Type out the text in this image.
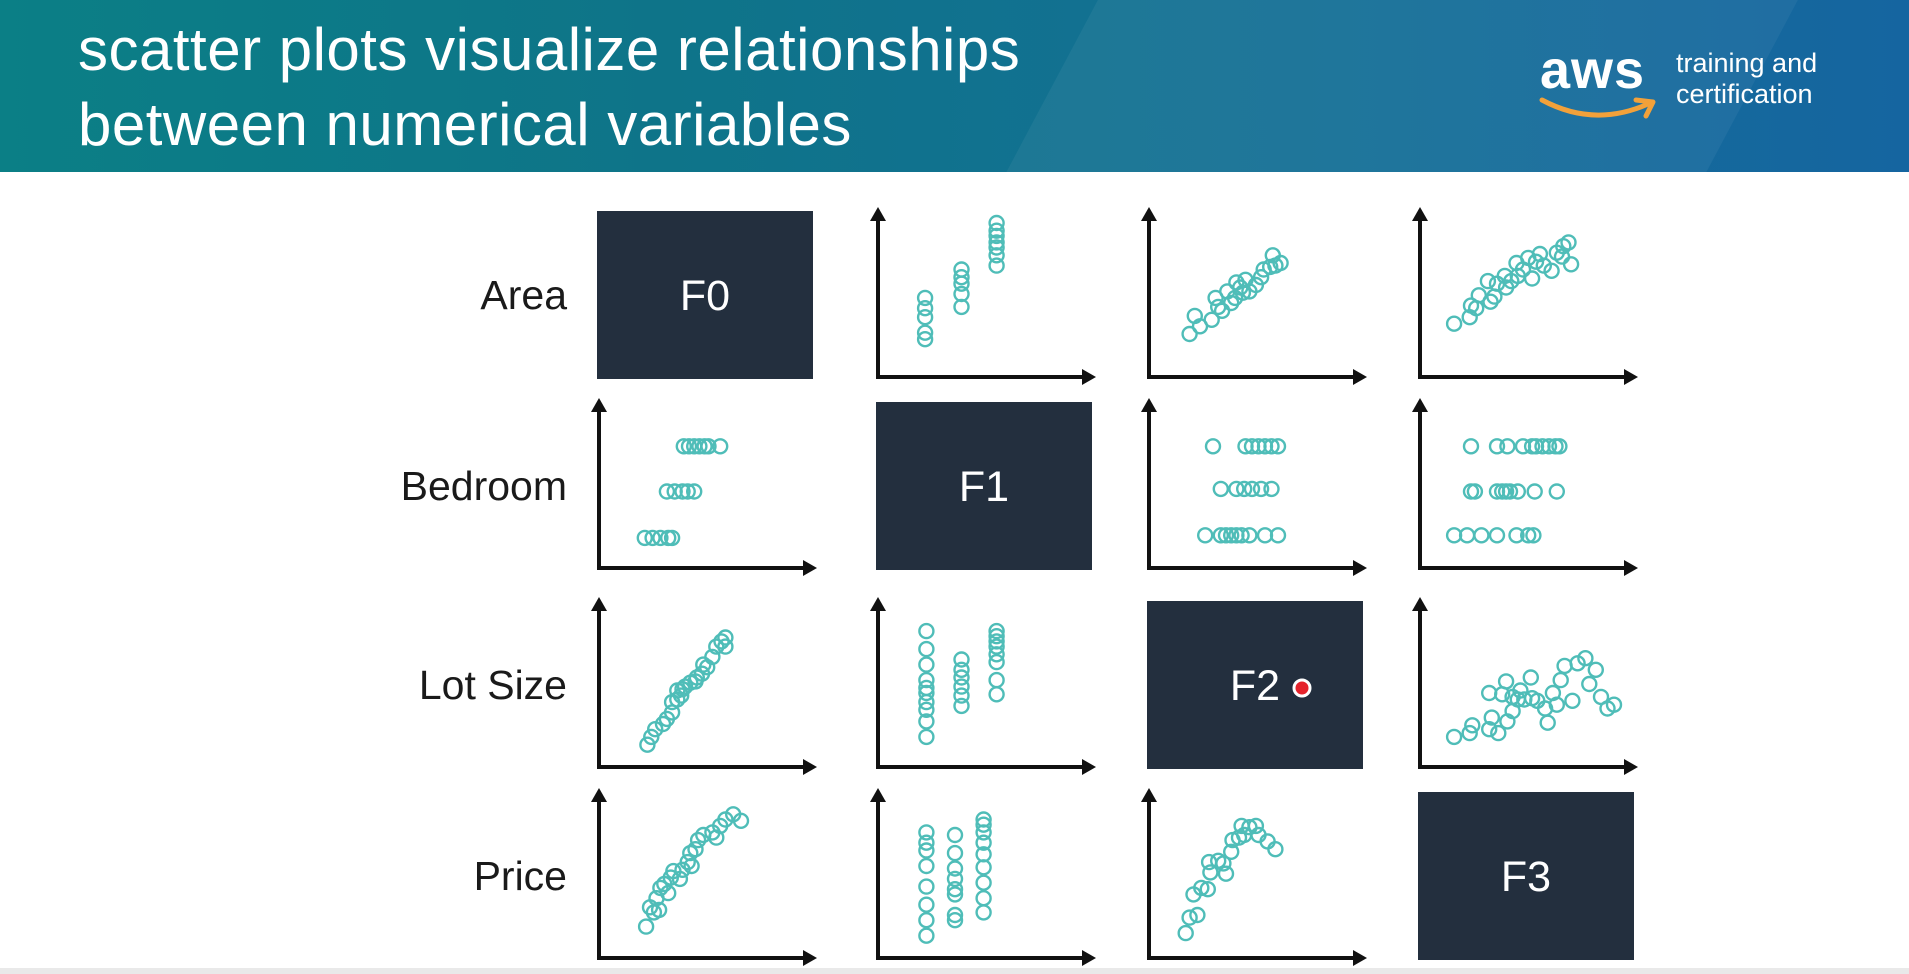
scatter plots visualize relationships
between numerical variables
aws training and
certification
Area
Bedroom
Lot Size
Price
F0
F1
F2
F3
